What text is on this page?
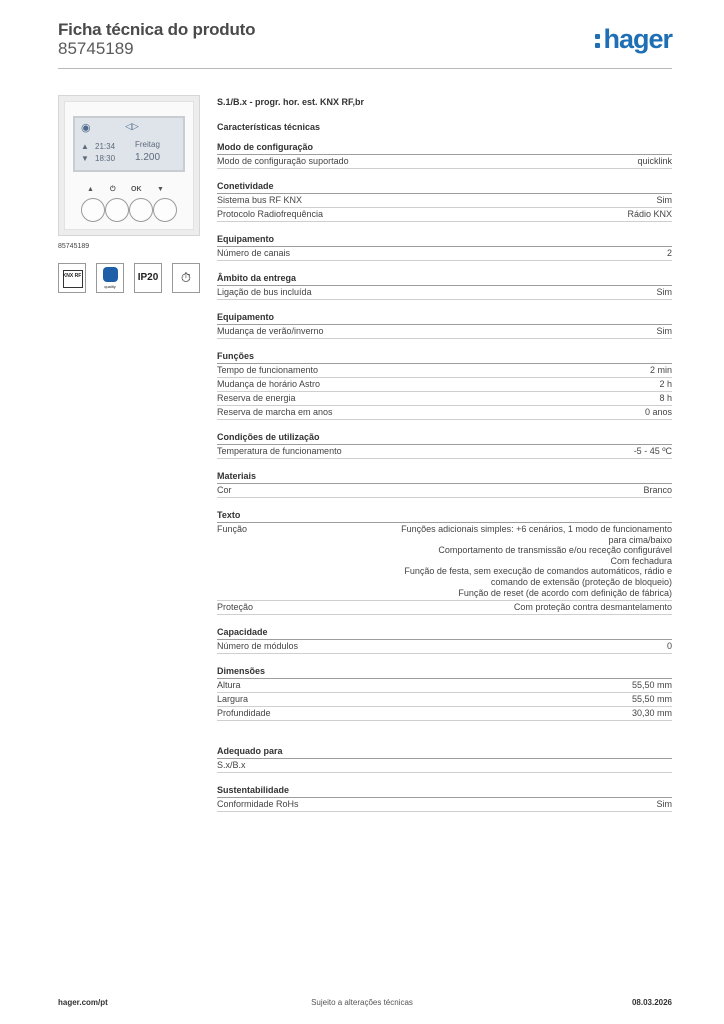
Ficha técnica do produto
85745189	hager
◉	◁▷
▲ 21:34 Freitag
▼ 18:30 1.200
▲ ⏻ OK ▼
85745189
KNX RF
quality
IP20	⏱
S.1/B.x - progr. hor. est. KNX RF,br
Características técnicas
Modo de configuração
Modo de configuração suportado	quicklink
Conetividade
Sistema bus RF KNX	Sim
Protocolo Radiofrequência	Rádio KNX
Equipamento
Número de canais	2
Âmbito da entrega
Ligação de bus incluída	Sim
Equipamento
Mudança de verão/inverno	Sim
Funções
Tempo de funcionamento	2 min
Mudança de horário Astro	2 h
Reserva de energia	8 h
Reserva de marcha em anos	0 anos
Condições de utilização
Temperatura de funcionamento	-5 - 45 ºC
Materiais
Cor	Branco
Texto
Função	Funções adicionais simples: +6 cenários, 1 modo de funcionamento
para cima/baixo
Comportamento de transmissão e/ou receção configurável
Com fechadura
Função de festa, sem execução de comandos automáticos, rádio e
comando de extensão (proteção de bloqueio)
Função de reset (de acordo com definição de fábrica)
Proteção	Com proteção contra desmantelamento
Capacidade
Número de módulos	0
Dimensões
Altura	55,50 mm
Largura	55,50 mm
Profundidade	30,30 mm
Adequado para
S.x/B.x
Sustentabilidade
Conformidade RoHs	Sim
hager.com/pt	Sujeito a alterações técnicas	08.03.2026
